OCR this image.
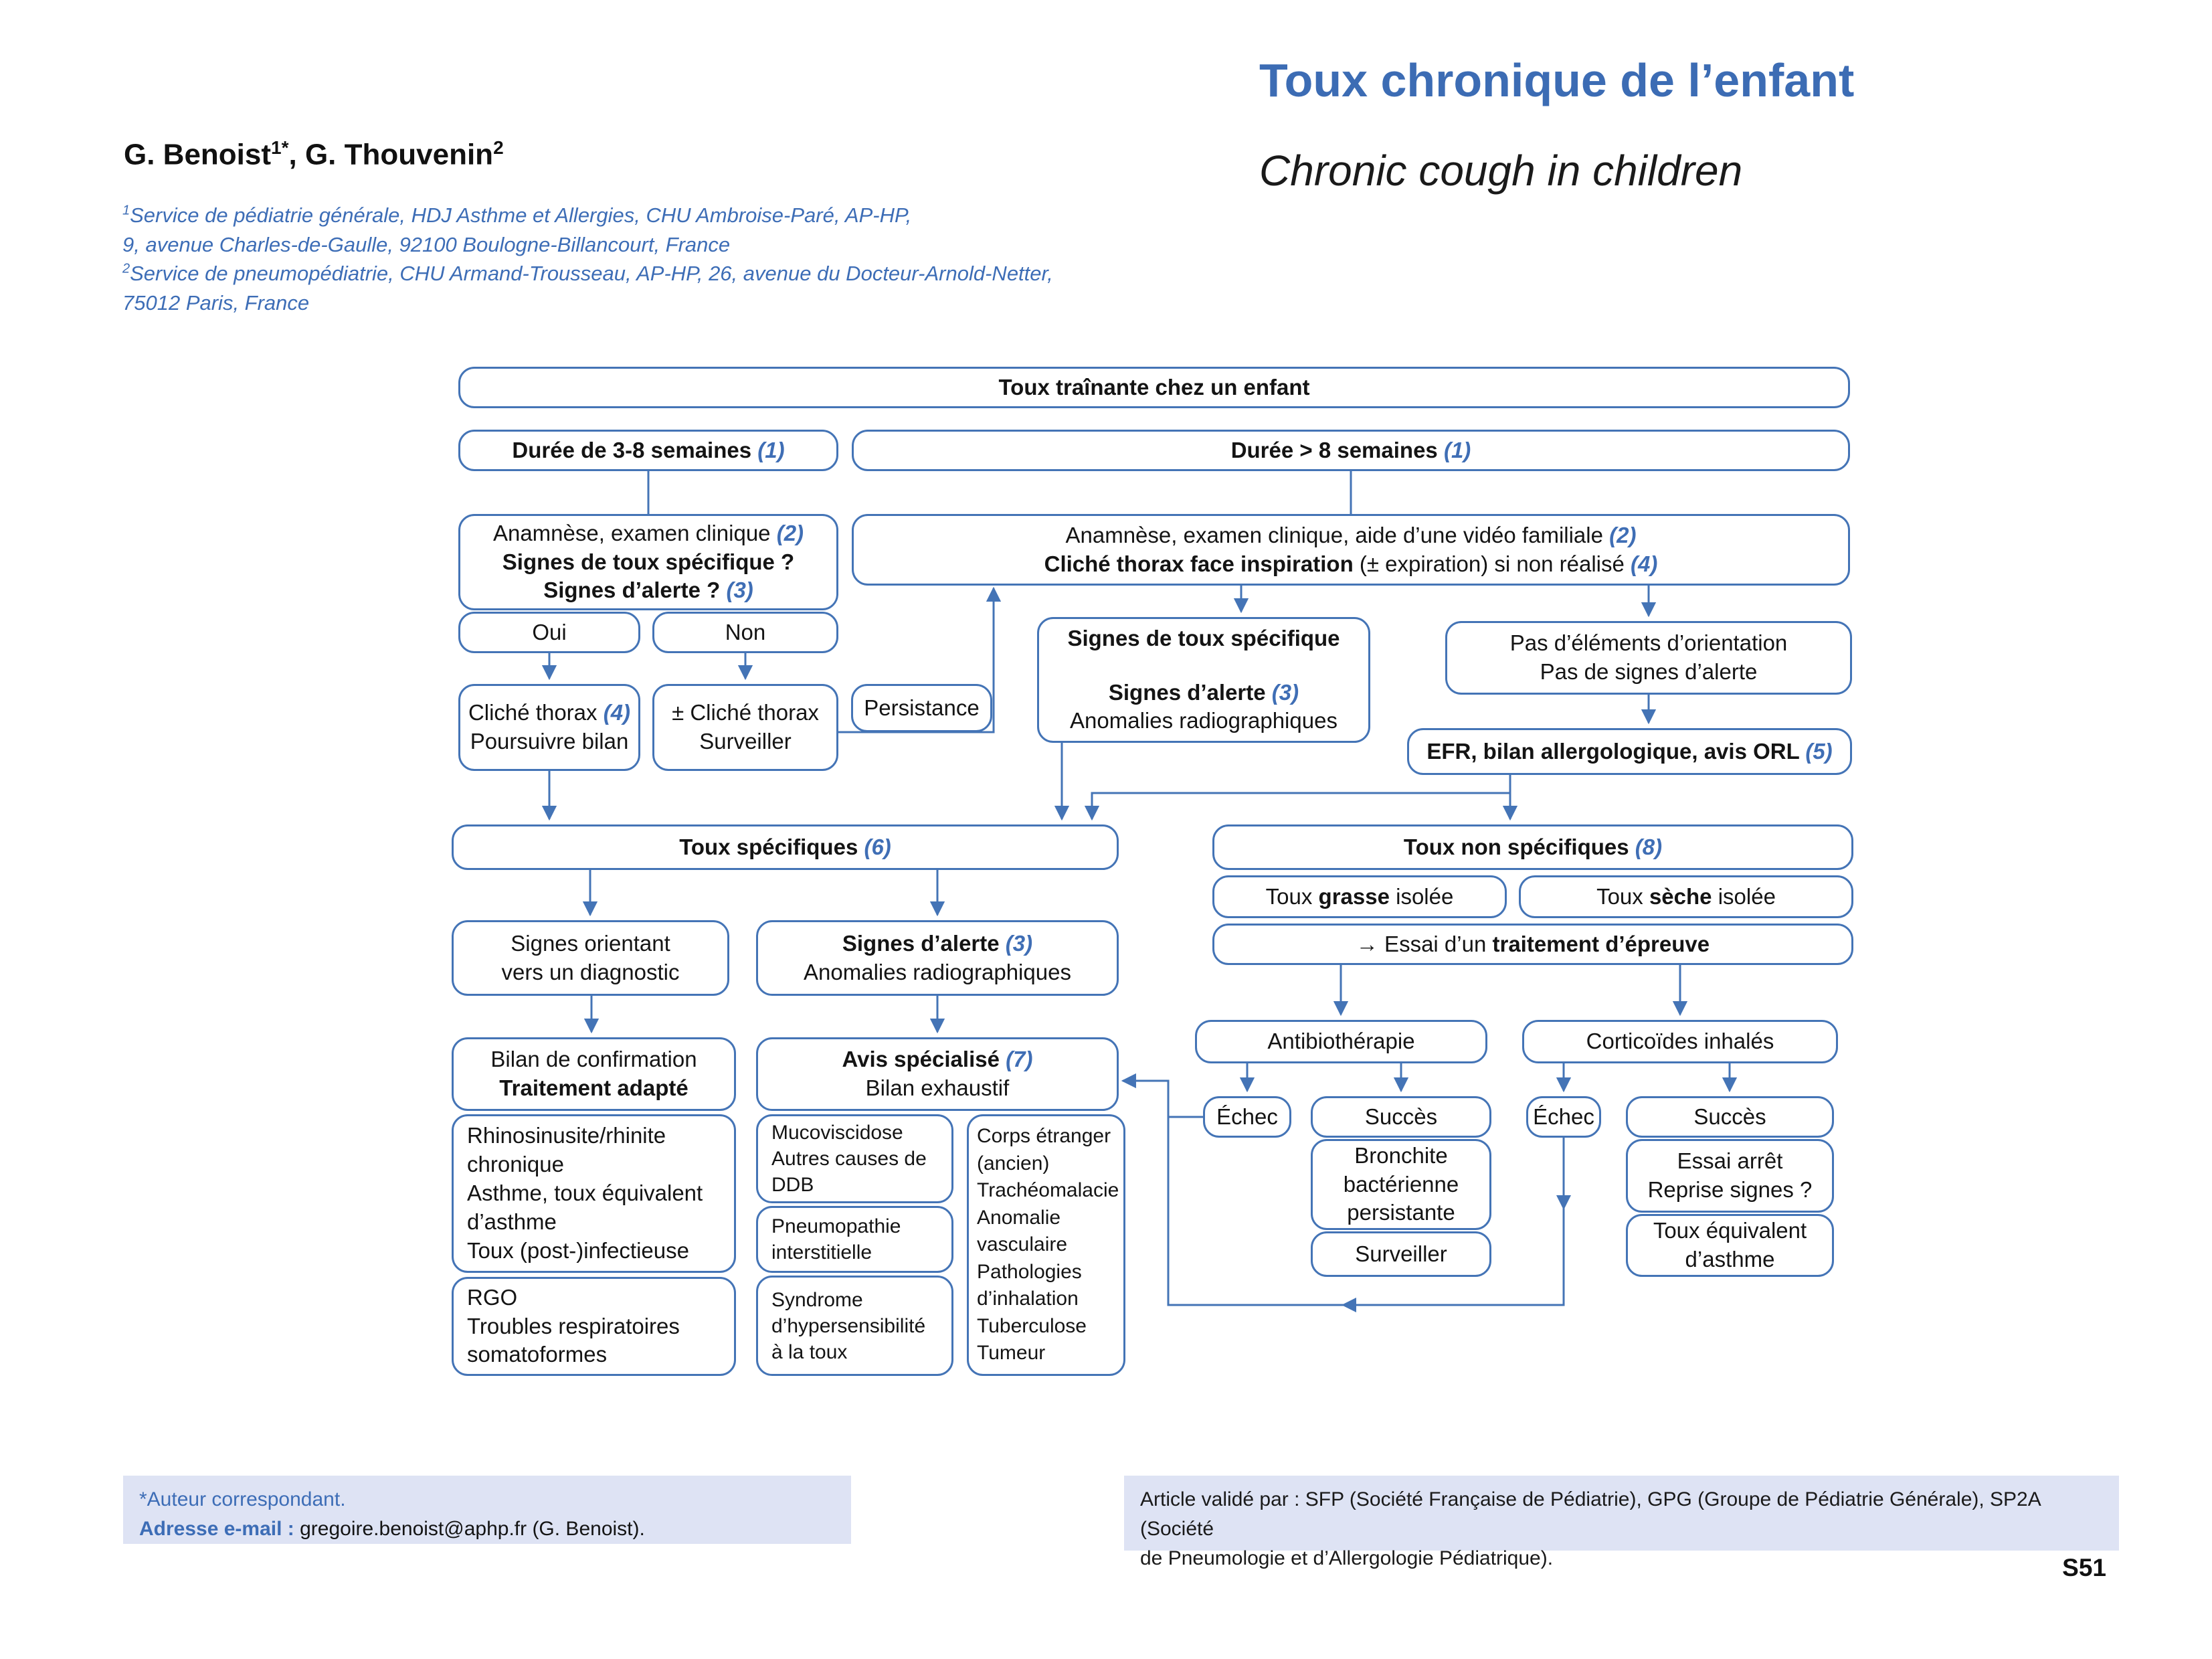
G. Benoist$^{1*}$, G. Thouvenin$^2$
$^1$Service de pédiatrie générale, HDJ Asthme et Allergies, CHU Ambroise-Paré, AP-HP,
9, avenue Charles-de-Gaulle, 92100 Boulogne-Billancourt, France
$^2$Service de pneumopédiatrie, CHU Armand-Trousseau, AP-HP, 26, avenue du Docteur-Arnold-Netter,
75012 Paris, France
Toux chronique de l’enfant
Chronic cough in children
Toux traînante chez un enfant
Durée de 3-8 semaines (1)	Durée > 8 semaines (1)
Anamnèse, examen clinique (2)
Signes de toux spécifique ?
Signes d’alerte ? (3)
Anamnèse, examen clinique, aide d’une vidéo familiale (2)
Cliché thorax face inspiration (± expiration) si non réalisé (4)
Oui	Non
Cliché thorax (4)
Poursuivre bilan
± Cliché thorax
Surveiller
Persistance
Signes de toux spécifique
Signes d’alerte (3)
Anomalies radiographiques
Pas d’éléments d’orientation
Pas de signes d’alerte
EFR, bilan allergologique, avis ORL (5)
Toux spécifiques (6)	Toux non spécifiques (8)
Toux grasse isolée	Toux sèche isolée
→ Essai d’un traitement d’épreuve
Signes orientant
vers un diagnostic
Signes d’alerte (3)
Anomalies radiographiques
Bilan de confirmation
Traitement adapté
Avis spécialisé (7)
Bilan exhaustif
Rhinosinusite/rhinite chronique
Asthme, toux équivalent d’asthme
Toux (post-)infectieuse
RGO
Troubles respiratoires somatoformes
Mucoviscidose
Autres causes de DDB
Pneumopathie interstitielle
Syndrome d’hypersensibilité à la toux
Corps étranger (ancien)
Trachéomalacie
Anomalie vasculaire
Pathologies d’inhalation
Tuberculose
Tumeur
Antibiothérapie	Corticoïdes inhalés
Échec	Succès
Bronchite bactérienne persistante
Surveiller
Échec	Succès
Essai arrêt
Reprise signes ?
Toux équivalent
d’asthme
*Auteur correspondant.
Adresse e-mail : gregoire.benoist@aphp.fr (G. Benoist).
Article validé par : SFP (Société Française de Pédiatrie), GPG (Groupe de Pédiatrie Générale), SP2A (Société
de Pneumologie et d’Allergologie Pédiatrique).	S51
